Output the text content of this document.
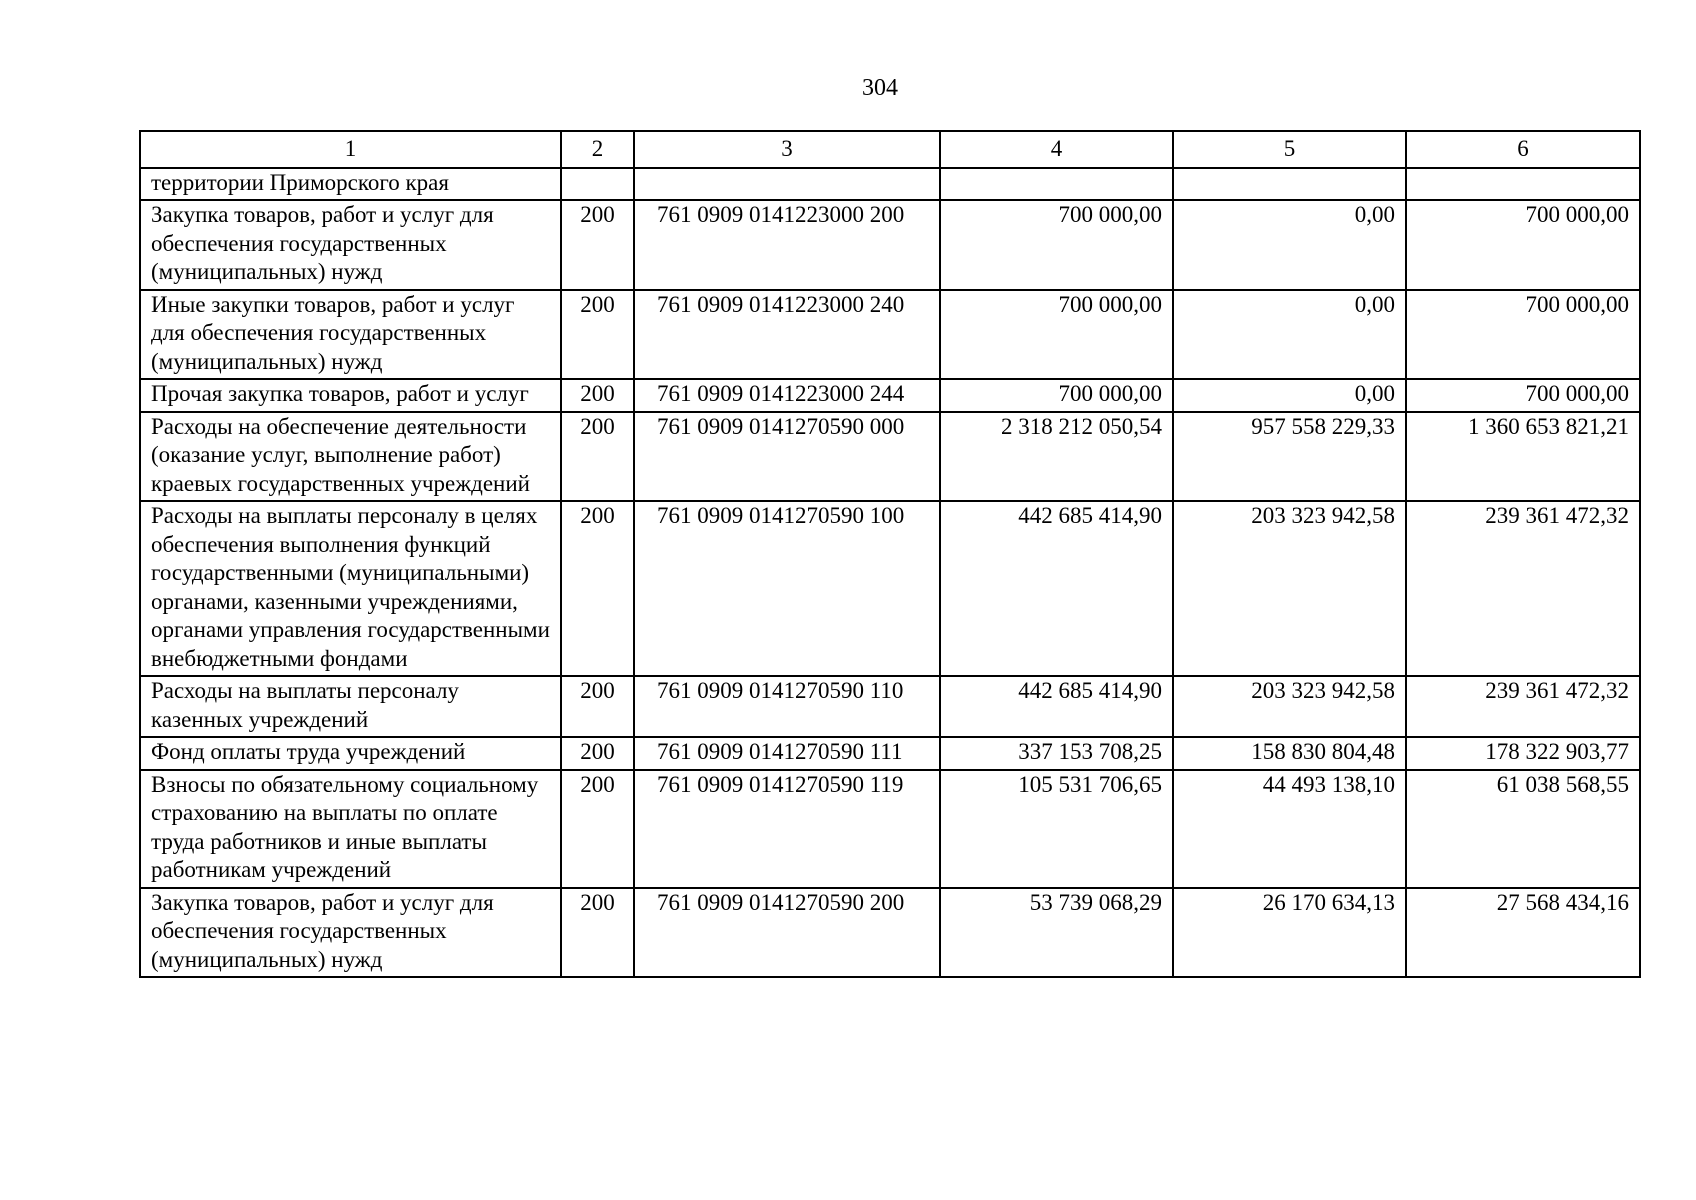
304
1	2	3	4	5	6
территории Приморского края					
Закупка товаров, работ и услуг для обеспечения государственных (муниципальных) нужд	200	761 0909 0141223000 200	700 000,00	0,00	700 000,00
Иные закупки товаров, работ и услуг для обеспечения государственных (муниципальных) нужд	200	761 0909 0141223000 240	700 000,00	0,00	700 000,00
Прочая закупка товаров, работ и услуг	200	761 0909 0141223000 244	700 000,00	0,00	700 000,00
Расходы на обеспечение деятельности (оказание услуг, выполнение работ) краевых государственных учреждений	200	761 0909 0141270590 000	2 318 212 050,54	957 558 229,33	1 360 653 821,21
Расходы на выплаты персоналу в целях обеспечения выполнения функций государственными (муниципальными) органами, казенными учреждениями, органами управления государственными внебюджетными фондами	200	761 0909 0141270590 100	442 685 414,90	203 323 942,58	239 361 472,32
Расходы на выплаты персоналу казенных учреждений	200	761 0909 0141270590 110	442 685 414,90	203 323 942,58	239 361 472,32
Фонд оплаты труда учреждений	200	761 0909 0141270590 111	337 153 708,25	158 830 804,48	178 322 903,77
Взносы по обязательному социальному страхованию на выплаты по оплате труда работников и иные выплаты работникам учреждений	200	761 0909 0141270590 119	105 531 706,65	44 493 138,10	61 038 568,55
Закупка товаров, работ и услуг для обеспечения государственных (муниципальных) нужд	200	761 0909 0141270590 200	53 739 068,29	26 170 634,13	27 568 434,16
